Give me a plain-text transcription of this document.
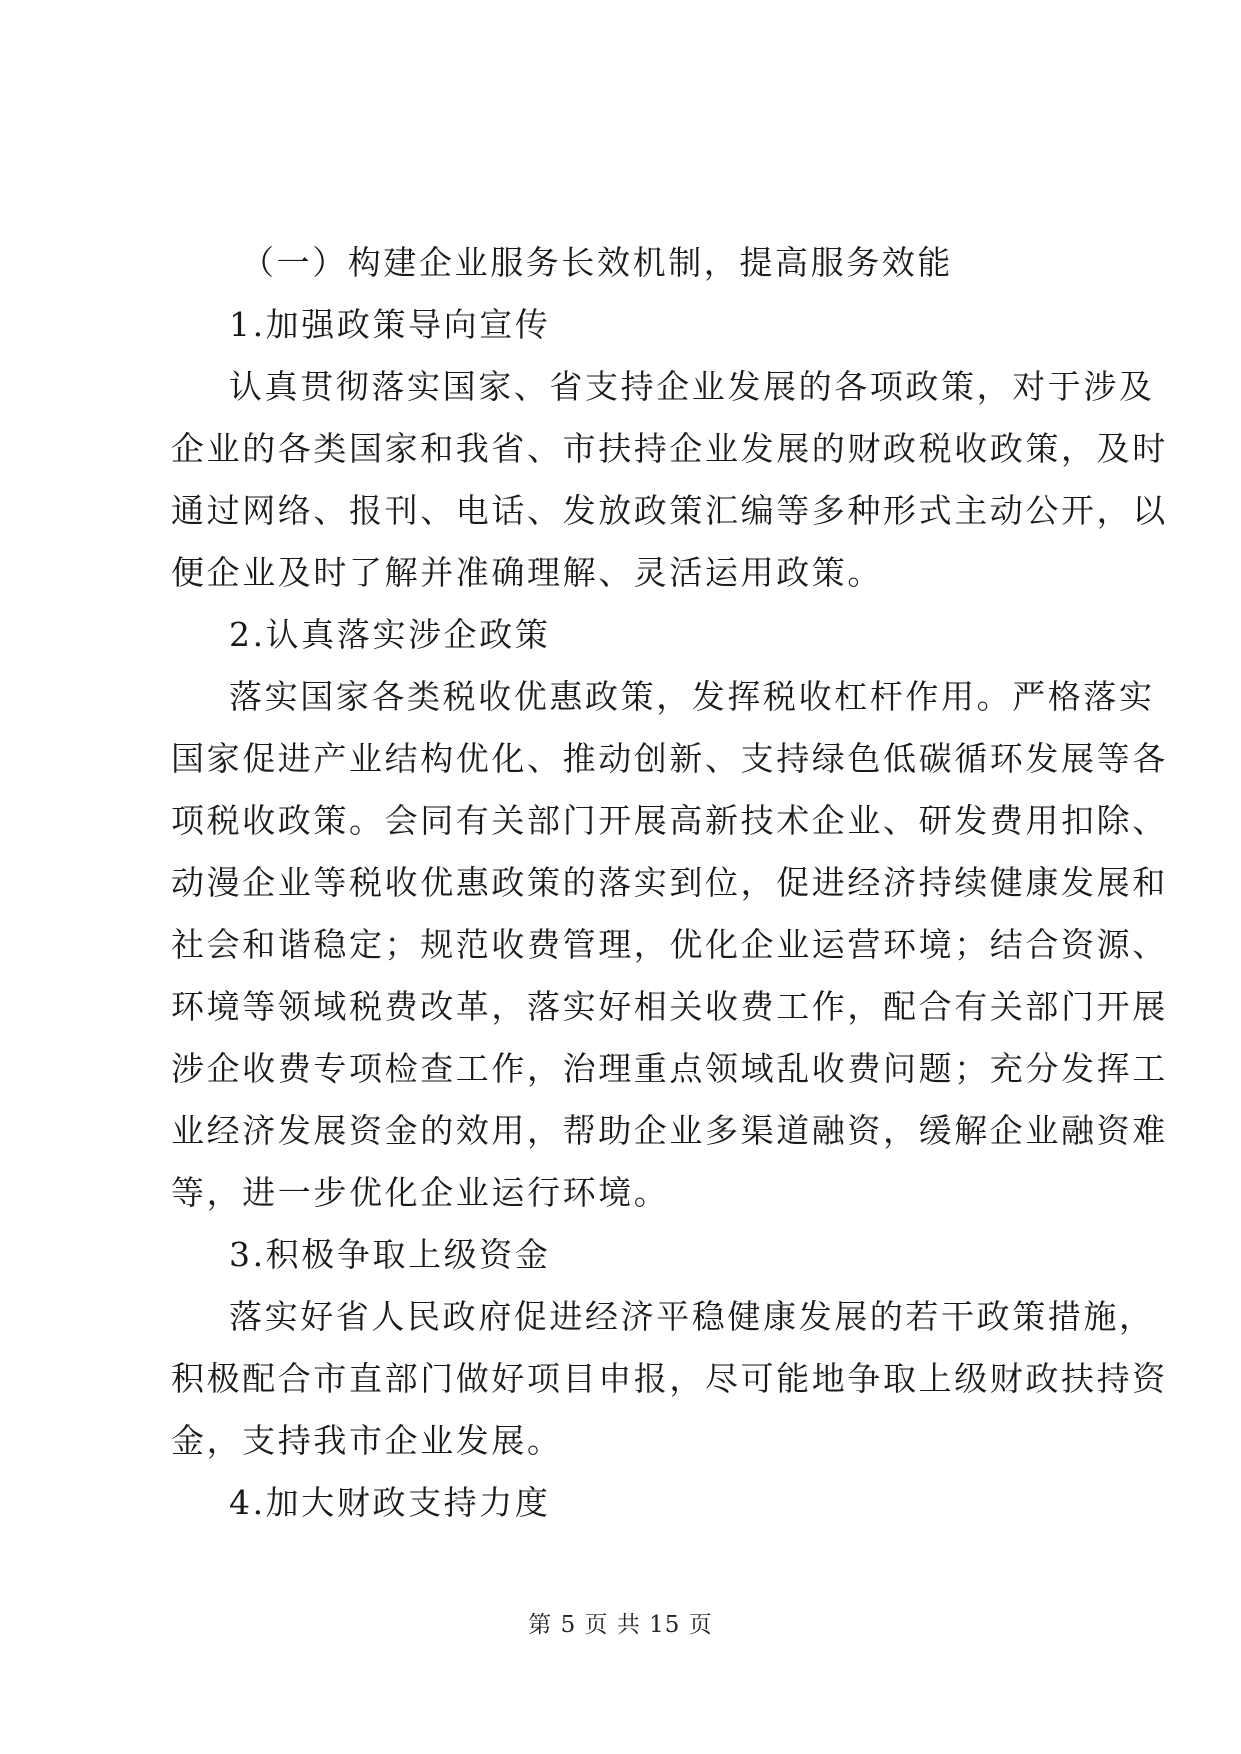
（一）构建企业服务长效机制，提高服务效能
1.加强政策导向宣传
认真贯彻落实国家、省支持企业发展的各项政策，对于涉及
企业的各类国家和我省、市扶持企业发展的财政税收政策，及时
通过网络、报刊、电话、发放政策汇编等多种形式主动公开，以
便企业及时了解并准确理解、灵活运用政策。
2.认真落实涉企政策
落实国家各类税收优惠政策，发挥税收杠杆作用。严格落实
国家促进产业结构优化、推动创新、支持绿色低碳循环发展等各
项税收政策。会同有关部门开展高新技术企业、研发费用扣除、
动漫企业等税收优惠政策的落实到位，促进经济持续健康发展和
社会和谐稳定；规范收费管理，优化企业运营环境；结合资源、
环境等领域税费改革，落实好相关收费工作，配合有关部门开展
涉企收费专项检查工作，治理重点领域乱收费问题；充分发挥工
业经济发展资金的效用，帮助企业多渠道融资，缓解企业融资难
等，进一步优化企业运行环境。
3.积极争取上级资金
落实好省人民政府促进经济平稳健康发展的若干政策措施，
积极配合市直部门做好项目申报，尽可能地争取上级财政扶持资
金，支持我市企业发展。
4.加大财政支持力度
第 5 页 共 15 页
